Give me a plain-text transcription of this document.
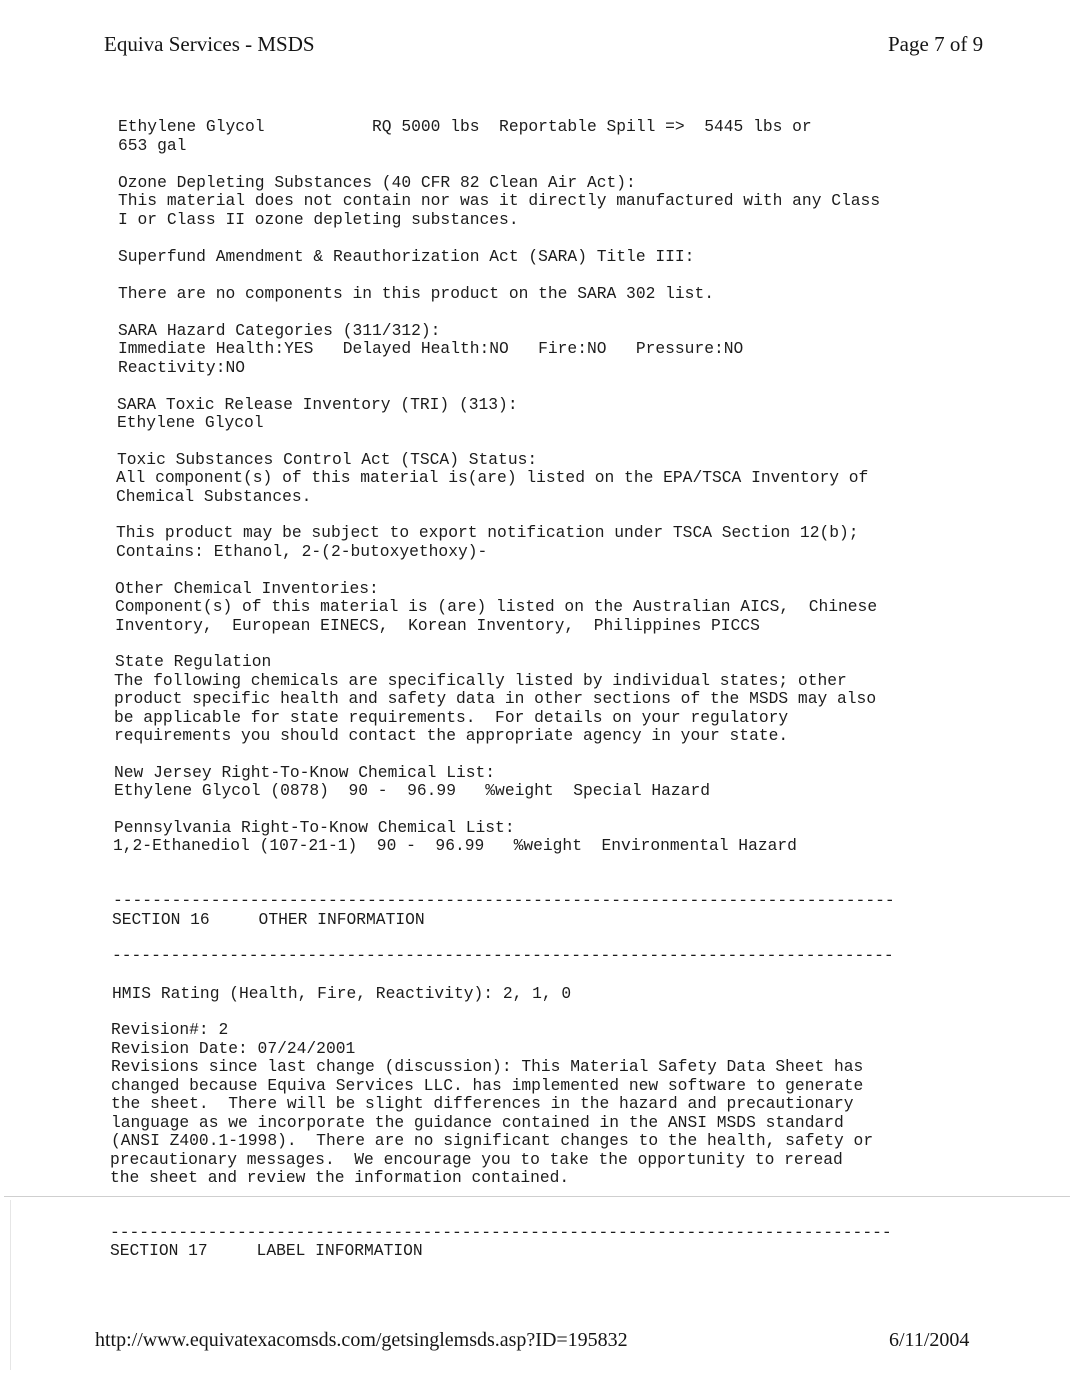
Equiva Services - MSDS	Page 7 of 9
Ethylene Glycol           RQ 5000 lbs  Reportable Spill =>  5445 lbs or
653 gal
Ozone Depleting Substances (40 CFR 82 Clean Air Act):
This material does not contain nor was it directly manufactured with any Class
I or Class II ozone depleting substances.
Superfund Amendment & Reauthorization Act (SARA) Title III:
There are no components in this product on the SARA 302 list.
SARA Hazard Categories (311/312):
Immediate Health:YES   Delayed Health:NO   Fire:NO   Pressure:NO
Reactivity:NO
SARA Toxic Release Inventory (TRI) (313):
Ethylene Glycol
Toxic Substances Control Act (TSCA) Status:
All component(s) of this material is(are) listed on the EPA/TSCA Inventory of
Chemical Substances.
This product may be subject to export notification under TSCA Section 12(b);
Contains: Ethanol, 2-(2-butoxyethoxy)-
Other Chemical Inventories:
Component(s) of this material is (are) listed on the Australian AICS,  Chinese
Inventory,  European EINECS,  Korean Inventory,  Philippines PICCS
State Regulation
The following chemicals are specifically listed by individual states; other
product specific health and safety data in other sections of the MSDS may also
be applicable for state requirements.  For details on your regulatory
requirements you should contact the appropriate agency in your state.
New Jersey Right-To-Know Chemical List:
Ethylene Glycol (0878)  90 -  96.99   %weight  Special Hazard
Pennsylvania Right-To-Know Chemical List:
1,2-Ethanediol (107-21-1)  90 -  96.99   %weight  Environmental Hazard
--------------------------------------------------------------------------------
SECTION 16     OTHER INFORMATION
--------------------------------------------------------------------------------
HMIS Rating (Health, Fire, Reactivity): 2, 1, 0
Revision#: 2
Revision Date: 07/24/2001
Revisions since last change (discussion): This Material Safety Data Sheet has
changed because Equiva Services LLC. has implemented new software to generate
the sheet.  There will be slight differences in the hazard and precautionary
language as we incorporate the guidance contained in the ANSI MSDS standard
(ANSI Z400.1-1998).  There are no significant changes to the health, safety or
precautionary messages.  We encourage you to take the opportunity to reread
the sheet and review the information contained.
--------------------------------------------------------------------------------
SECTION 17     LABEL INFORMATION
http://www.equivatexacomsds.com/getsinglemsds.asp?ID=195832	6/11/2004
